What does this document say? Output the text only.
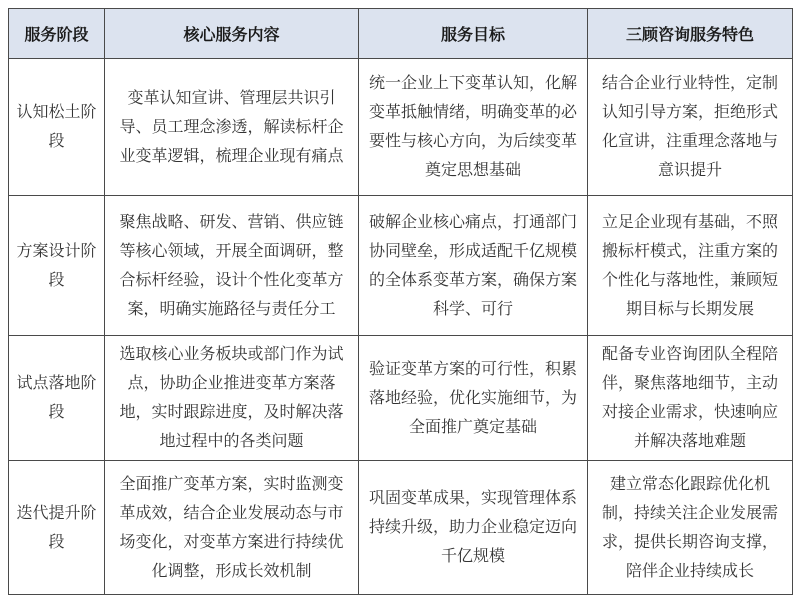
服务阶段	核心服务内容	服务目标	三顾咨询服务特色
认知松土阶段	变革认知宣讲、管理层共识引导、员工理念渗透，解读标杆企业变革逻辑，梳理企业现有痛点	统一企业上下变革认知，化解变革抵触情绪，明确变革的必要性与核心方向，为后续变革奠定思想基础	结合企业行业特性，定制认知引导方案，拒绝形式化宣讲，注重理念落地与意识提升
方案设计阶段	聚焦战略、研发、营销、供应链等核心领域，开展全面调研，整合标杆经验，设计个性化变革方案，明确实施路径与责任分工	破解企业核心痛点，打通部门协同壁垒，形成适配千亿规模的全体系变革方案，确保方案科学、可行	立足企业现有基础，不照搬标杆模式，注重方案的个性化与落地性，兼顾短期目标与长期发展
试点落地阶段	选取核心业务板块或部门作为试点，协助企业推进变革方案落地，实时跟踪进度，及时解决落地过程中的各类问题	验证变革方案的可行性，积累落地经验，优化实施细节，为全面推广奠定基础	配备专业咨询团队全程陪伴，聚焦落地细节，主动对接企业需求，快速响应并解决落地难题
迭代提升阶段	全面推广变革方案，实时监测变革成效，结合企业发展动态与市场变化，对变革方案进行持续优化调整，形成长效机制	巩固变革成果，实现管理体系持续升级，助力企业稳定迈向千亿规模	建立常态化跟踪优化机制，持续关注企业发展需求，提供长期咨询支撑，陪伴企业持续成长
